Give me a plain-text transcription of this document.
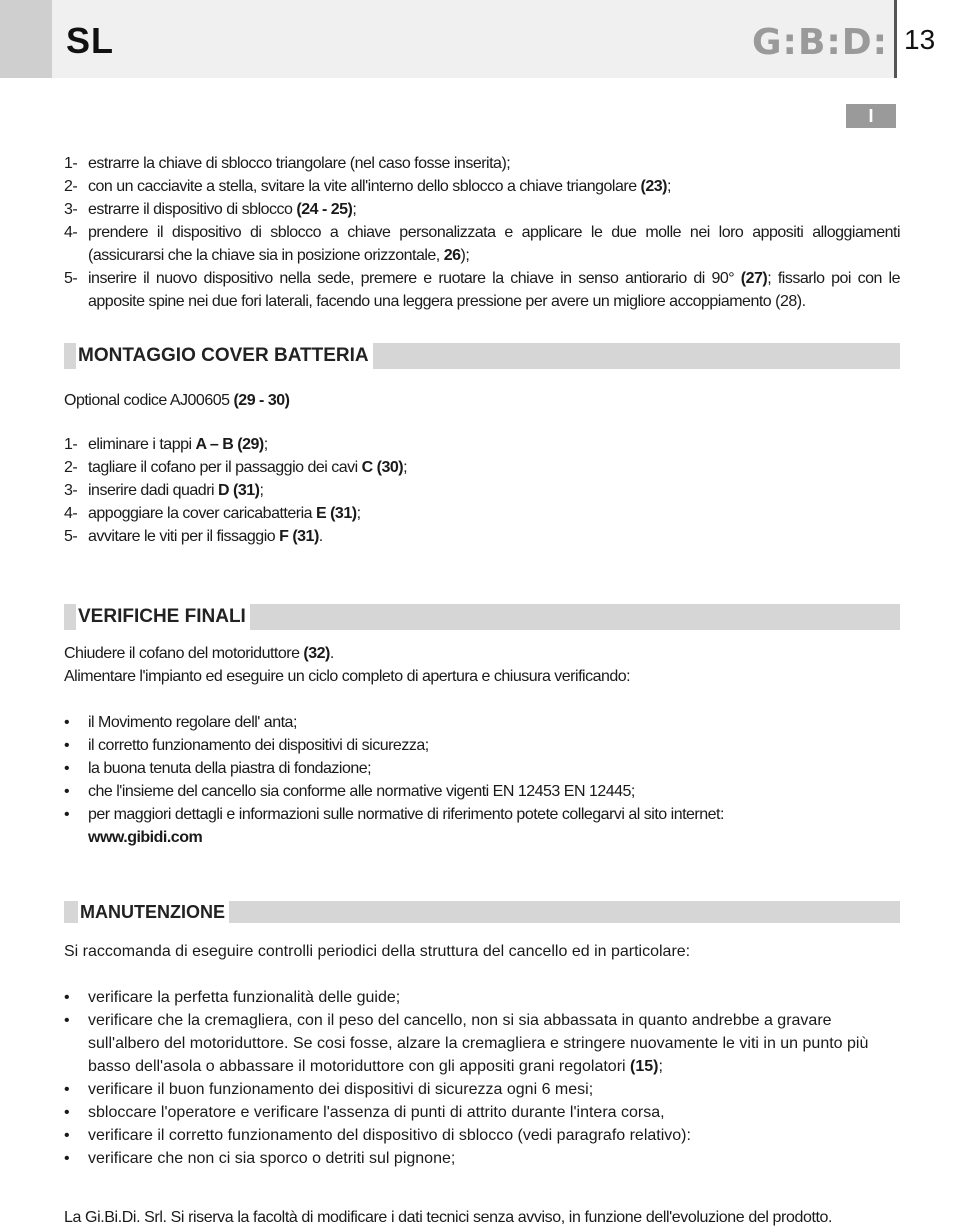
SL	G:B:D: 13
I
1- estrarre la chiave di sblocco triangolare (nel caso fosse inserita);
2- con un cacciavite a stella, svitare la vite all'interno dello sblocco a chiave triangolare (23);
3- estrarre il dispositivo di sblocco (24 - 25);
4- prendere il dispositivo di sblocco a chiave personalizzata e applicare le due molle nei loro appositi alloggiamenti (assicurarsi che la chiave sia in posizione orizzontale, 26);
5- inserire il nuovo dispositivo nella sede, premere e ruotare la chiave in senso antiorario di 90° (27); fissarlo poi con le apposite spine nei due fori laterali, facendo una leggera pressione per avere un migliore accoppiamento (28).
MONTAGGIO COVER BATTERIA
Optional codice AJ00605 (29 - 30)
1- eliminare i tappi A – B (29);
2- tagliare il cofano per il passaggio dei cavi C (30);
3- inserire dadi quadri D (31);
4- appoggiare la cover caricabatteria E (31);
5- avvitare le viti per il fissaggio F (31).
VERIFICHE FINALI
Chiudere il cofano del motoriduttore (32).
Alimentare l'impianto ed eseguire un ciclo completo di apertura e chiusura verificando:
• il Movimento regolare dell' anta;
• il corretto funzionamento dei dispositivi di sicurezza;
• la buona tenuta della piastra di fondazione;
• che l'insieme del cancello sia conforme alle normative vigenti EN 12453 EN 12445;
• per maggiori dettagli e informazioni sulle normative di riferimento potete collegarvi al sito internet:
www.gibidi.com
MANUTENZIONE
Si raccomanda di eseguire controlli periodici della struttura del cancello ed in particolare:
• verificare la perfetta funzionalità delle guide;
• verificare che la cremagliera, con il peso del cancello, non si sia abbassata in quanto andrebbe a gravare sull'albero del motoriduttore. Se cosi fosse, alzare la cremagliera e stringere nuovamente le viti in un punto più basso dell'asola o abbassare il motoriduttore con gli appositi grani regolatori (15);
• verificare il buon funzionamento dei dispositivi di sicurezza ogni 6 mesi;
• sbloccare l'operatore e verificare l'assenza di punti di attrito durante l'intera corsa,
• verificare il corretto funzionamento del dispositivo di sblocco (vedi paragrafo relativo):
• verificare che non ci sia sporco o detriti sul pignone;
La Gi.Bi.Di. Srl. Si riserva la facoltà di modificare i dati tecnici senza avviso, in funzione dell'evoluzione del prodotto.
